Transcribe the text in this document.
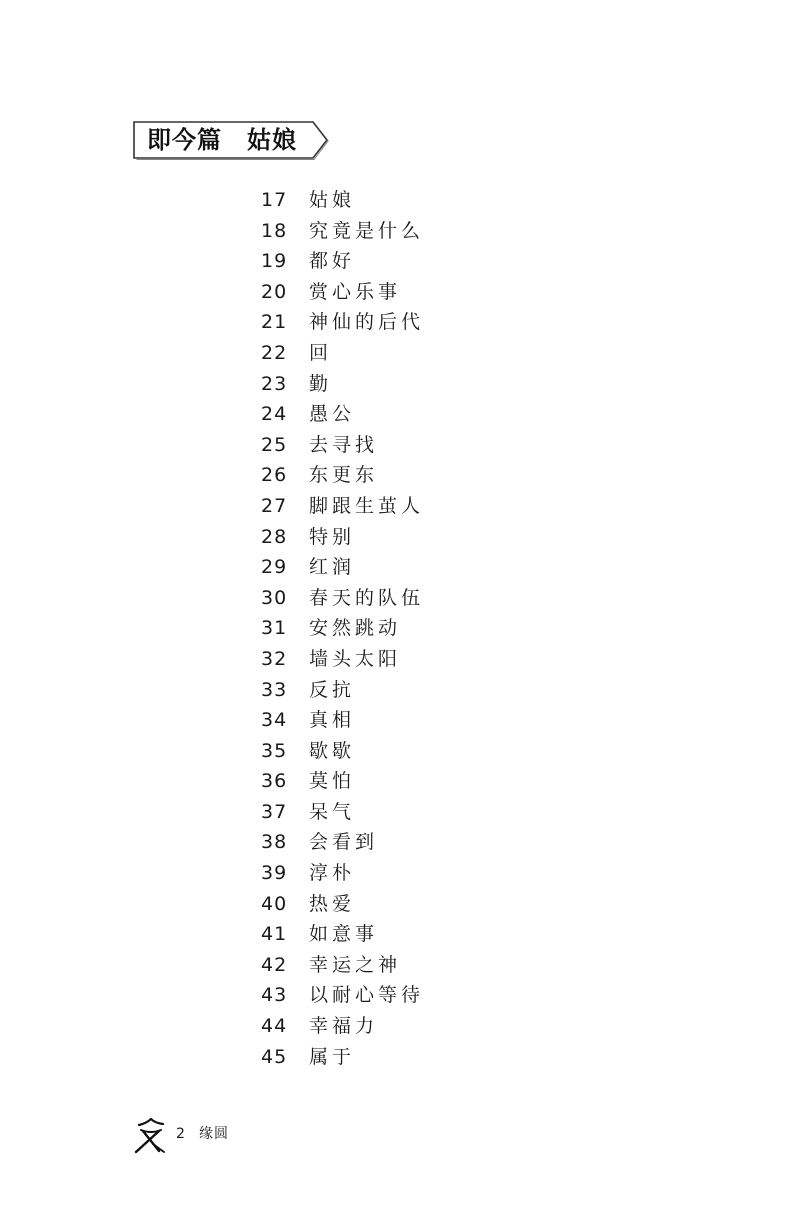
即今篇　姑娘
17 姑娘
18 究竟是什么
19 都好
20 赏心乐事
21 神仙的后代
22 回
23 勤
24 愚公
25 去寻找
26 东更东
27 脚跟生茧人
28 特别
29 红润
30 春天的队伍
31 安然跳动
32 墙头太阳
33 反抗
34 真相
35 歇歇
36 莫怕
37 呆气
38 会看到
39 淳朴
40 热爱
41 如意事
42 幸运之神
43 以耐心等待
44 幸福力
45 属于
2 缘圆
